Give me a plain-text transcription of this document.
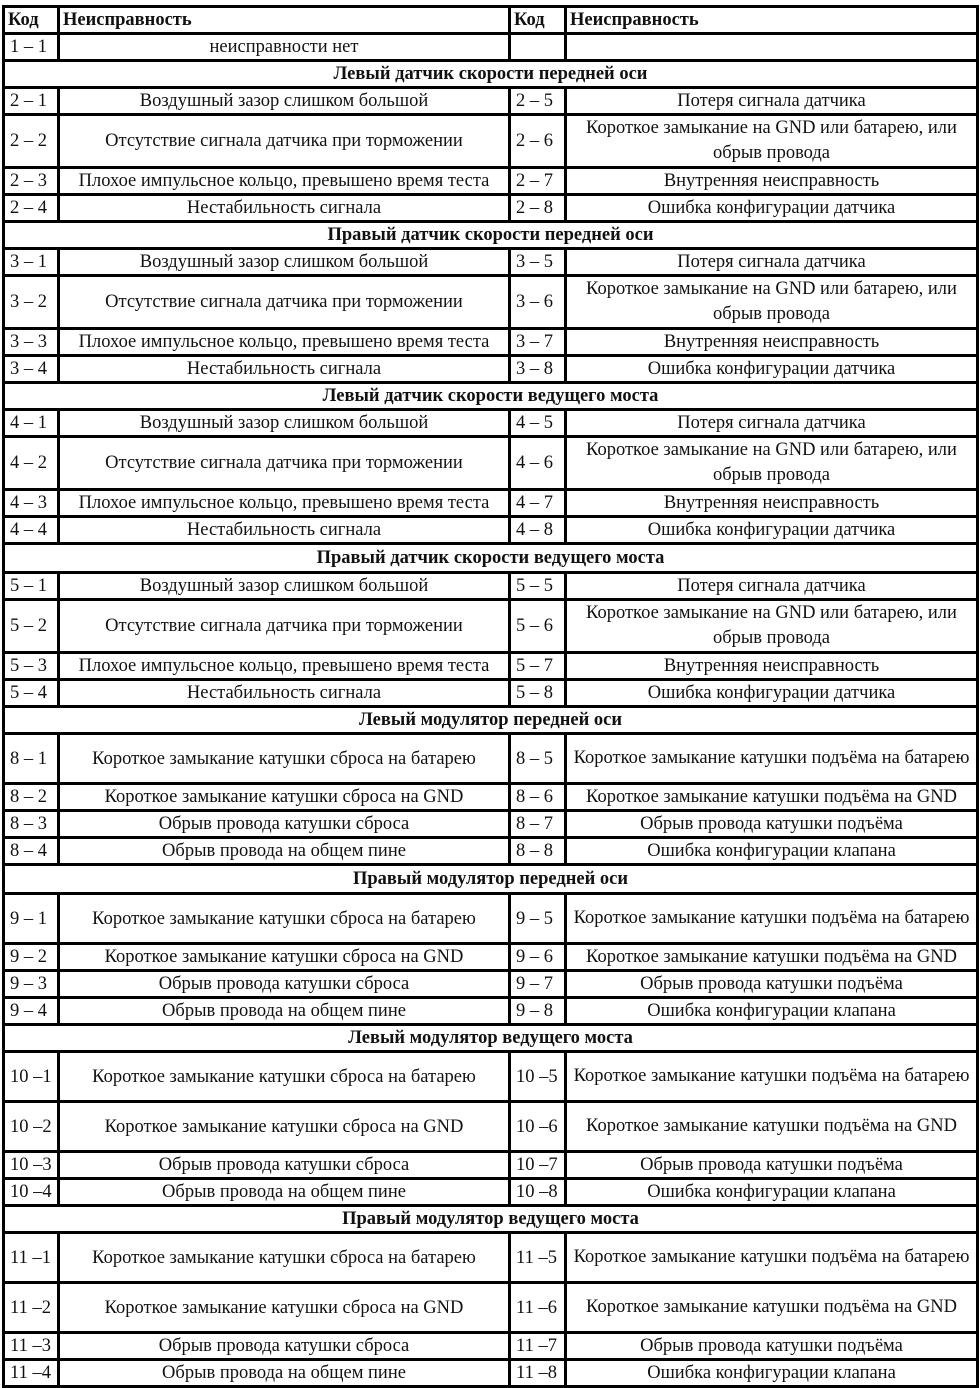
Код	Неисправность	Код	Неисправность
1 – 1	неисправности нет		
Левый датчик скорости передней оси			
2 – 1	Воздушный зазор слишком большой	2 – 5	Потеря сигнала датчика
2 – 2	Отсутствие сигнала датчика при торможении	2 – 6	Короткое замыкание на GND или батарею, или обрыв провода
2 – 3	Плохое импульсное кольцо, превышено время теста	2 – 7	Внутренняя неисправность
2 – 4	Нестабильность сигнала	2 – 8	Ошибка конфигурации датчика
Правый датчик скорости передней оси			
3 – 1	Воздушный зазор слишком большой	3 – 5	Потеря сигнала датчика
3 – 2	Отсутствие сигнала датчика при торможении	3 – 6	Короткое замыкание на GND или батарею, или обрыв провода
3 – 3	Плохое импульсное кольцо, превышено время теста	3 – 7	Внутренняя неисправность
3 – 4	Нестабильность сигнала	3 – 8	Ошибка конфигурации датчика
Левый датчик скорости ведущего моста			
4 – 1	Воздушный зазор слишком большой	4 – 5	Потеря сигнала датчика
4 – 2	Отсутствие сигнала датчика при торможении	4 – 6	Короткое замыкание на GND или батарею, или обрыв провода
4 – 3	Плохое импульсное кольцо, превышено время теста	4 – 7	Внутренняя неисправность
4 – 4	Нестабильность сигнала	4 – 8	Ошибка конфигурации датчика
Правый датчик скорости ведущего моста			
5 – 1	Воздушный зазор слишком большой	5 – 5	Потеря сигнала датчика
5 – 2	Отсутствие сигнала датчика при торможении	5 – 6	Короткое замыкание на GND или батарею, или обрыв провода
5 – 3	Плохое импульсное кольцо, превышено время теста	5 – 7	Внутренняя неисправность
5 – 4	Нестабильность сигнала	5 – 8	Ошибка конфигурации датчика
Левый модулятор передней оси			
8 – 1	Короткое замыкание катушки сброса на батарею	8 – 5	Короткое замыкание катушки подъёма на батарею
8 – 2	Короткое замыкание катушки сброса на GND	8 – 6	Короткое замыкание катушки подъёма на GND
8 – 3	Обрыв провода катушки сброса	8 – 7	Обрыв провода катушки подъёма
8 – 4	Обрыв провода на общем пине	8 – 8	Ошибка конфигурации клапана
Правый модулятор передней оси			
9 – 1	Короткое замыкание катушки сброса на батарею	9 – 5	Короткое замыкание катушки подъёма на батарею
9 – 2	Короткое замыкание катушки сброса на GND	9 – 6	Короткое замыкание катушки подъёма на GND
9 – 3	Обрыв провода катушки сброса	9 – 7	Обрыв провода катушки подъёма
9 – 4	Обрыв провода на общем пине	9 – 8	Ошибка конфигурации клапана
Левый модулятор ведущего моста			
10 –1	Короткое замыкание катушки сброса на батарею	10 –5	Короткое замыкание катушки подъёма на батарею
10 –2	Короткое замыкание катушки сброса на GND	10 –6	Короткое замыкание катушки подъёма на GND
10 –3	Обрыв провода катушки сброса	10 –7	Обрыв провода катушки подъёма
10 –4	Обрыв провода на общем пине	10 –8	Ошибка конфигурации клапана
Правый модулятор ведущего моста			
11 –1	Короткое замыкание катушки сброса на батарею	11 –5	Короткое замыкание катушки подъёма на батарею
11 –2	Короткое замыкание катушки сброса на GND	11 –6	Короткое замыкание катушки подъёма на GND
11 –3	Обрыв провода катушки сброса	11 –7	Обрыв провода катушки подъёма
11 –4	Обрыв провода на общем пине	11 –8	Ошибка конфигурации клапана
